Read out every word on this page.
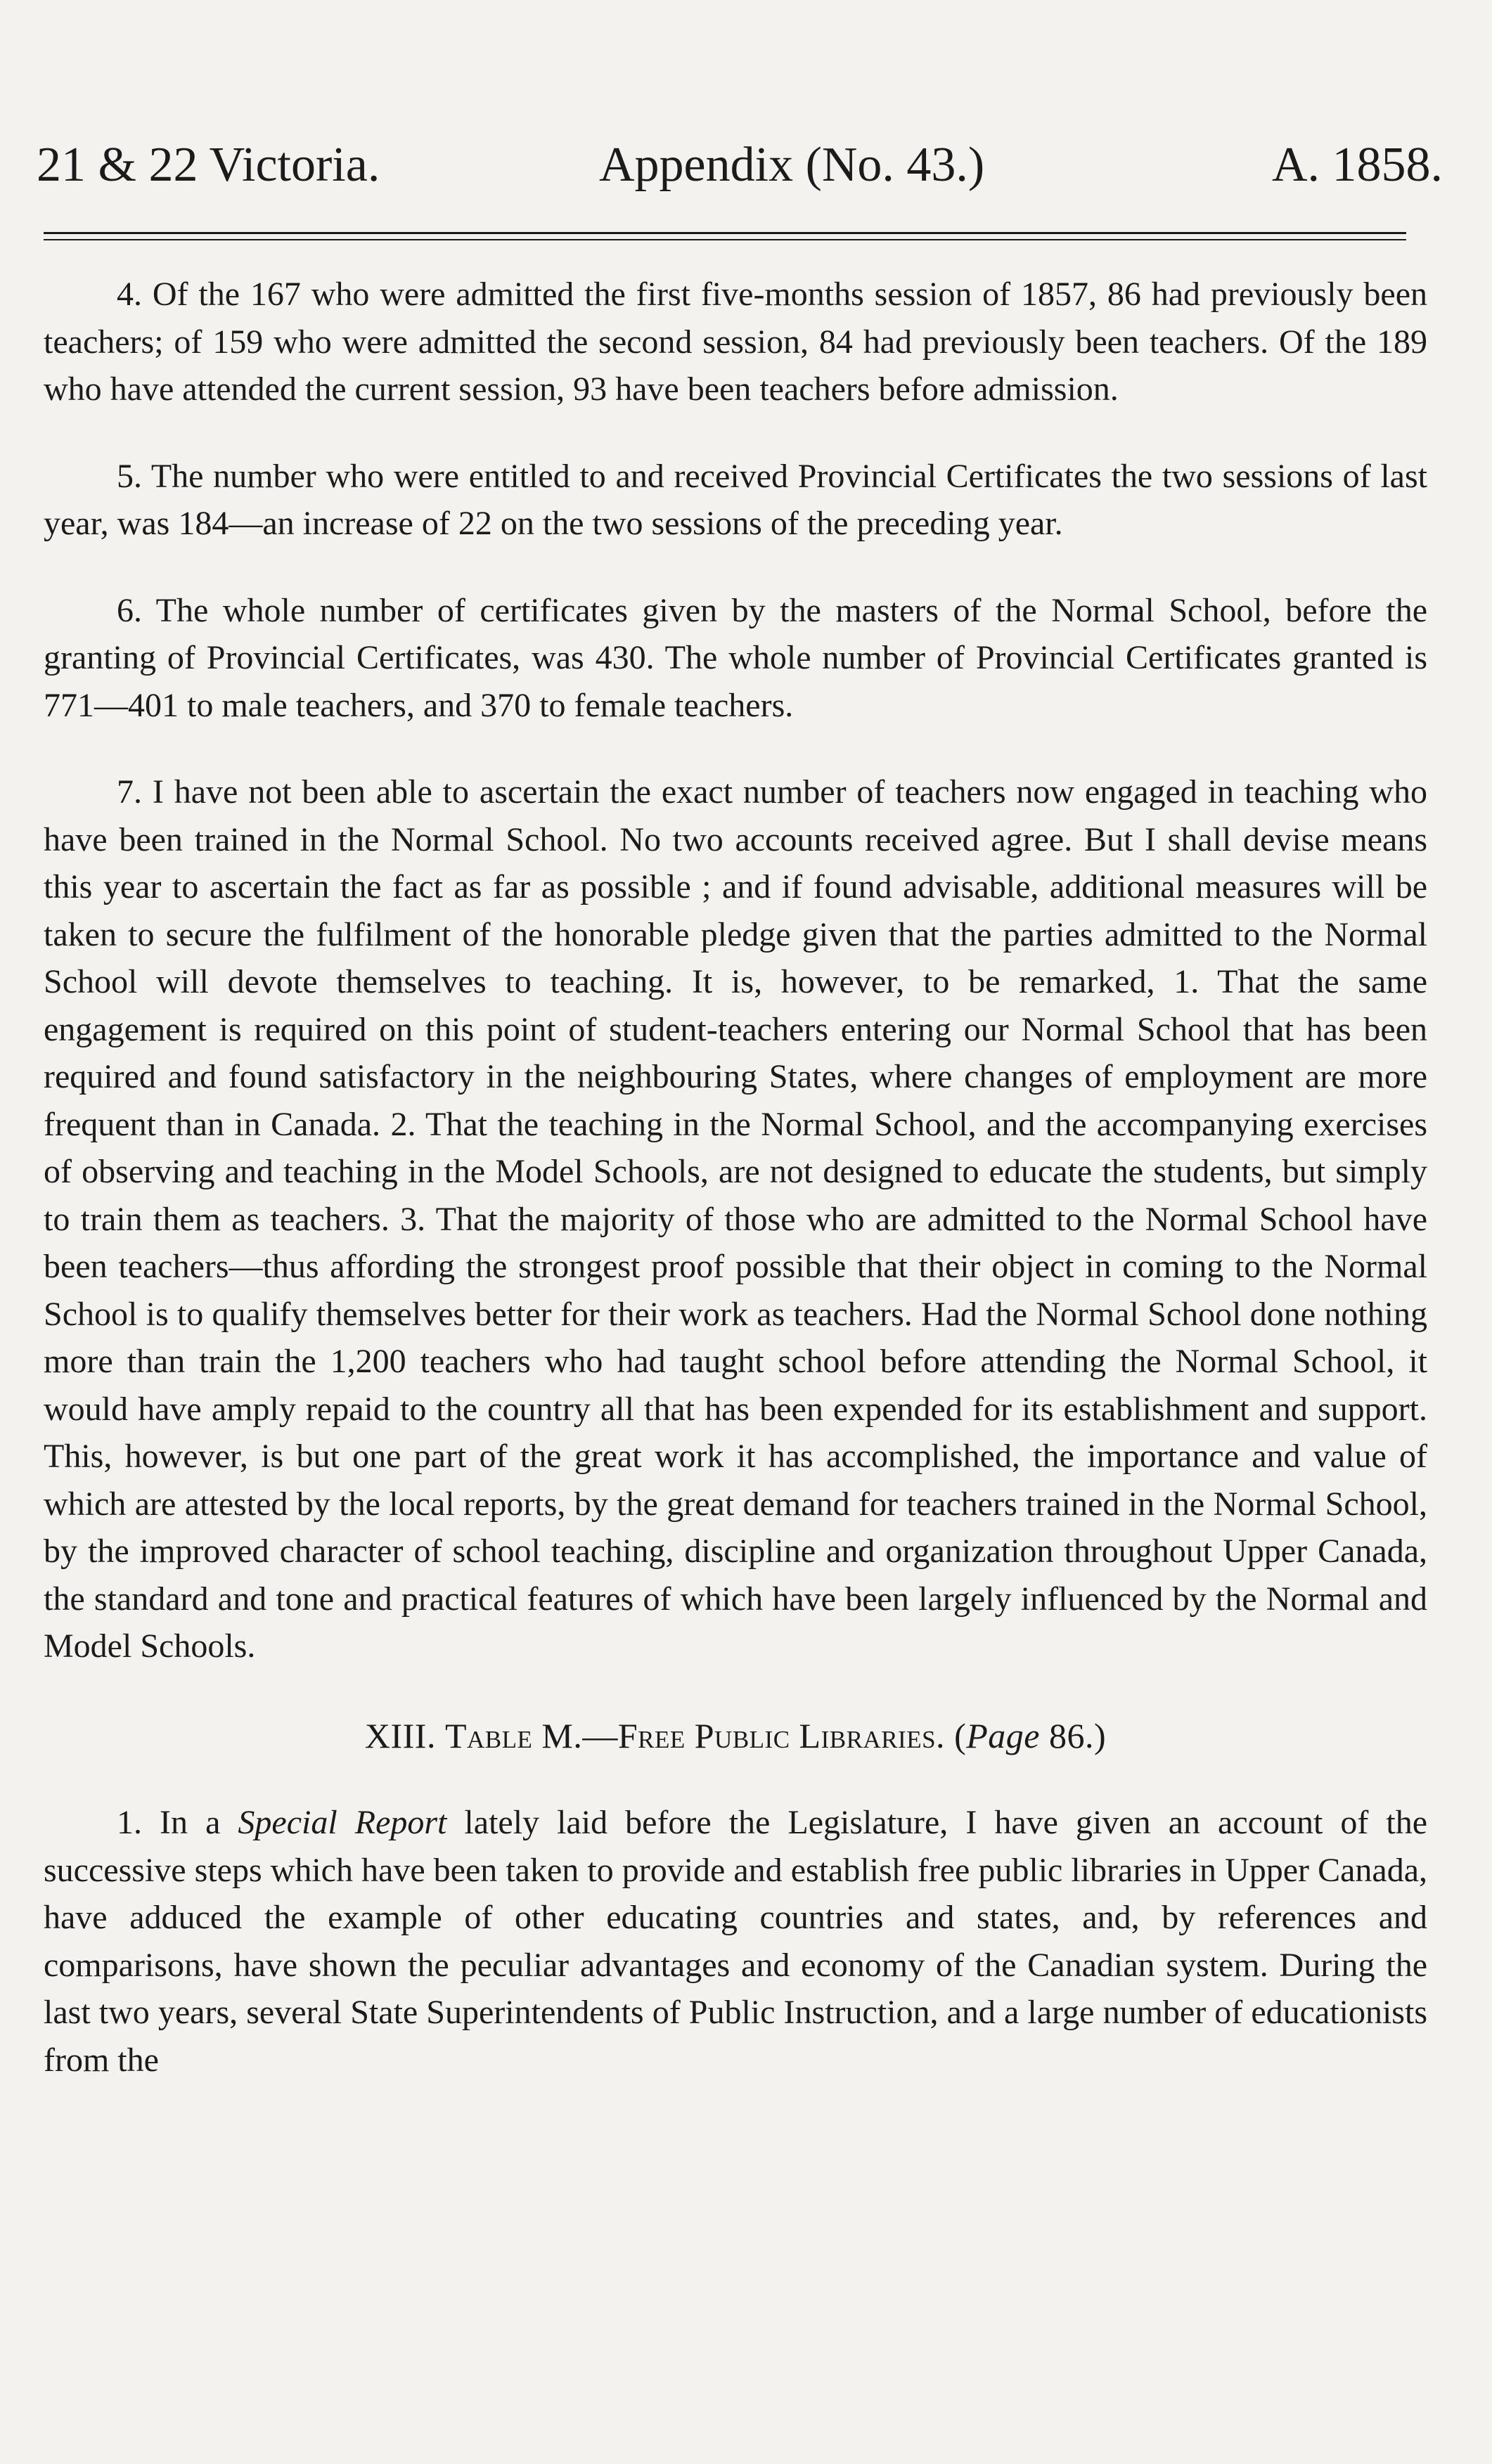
21 & 22 Victoria.	Appendix (No. 43.)	A. 1858.

4. Of the 167 who were admitted the first five-months session of 1857, 86 had previously been teachers; of 159 who were admitted the second session, 84 had previously been teachers. Of the 189 who have attended the current session, 93 have been teachers before admission.

5. The number who were entitled to and received Provincial Certificates the two sessions of last year, was 184—an increase of 22 on the two sessions of the preceding year.

6. The whole number of certificates given by the masters of the Normal School, before the granting of Provincial Certificates, was 430. The whole number of Provincial Certificates granted is 771—401 to male teachers, and 370 to female teachers.

7. I have not been able to ascertain the exact number of teachers now engaged in teaching who have been trained in the Normal School. No two accounts received agree. But I shall devise means this year to ascertain the fact as far as possible ; and if found advisable, additional measures will be taken to secure the fulfilment of the honorable pledge given that the parties admitted to the Normal School will devote themselves to teaching. It is, however, to be remarked, 1. That the same engagement is required on this point of student-teachers entering our Normal School that has been required and found satisfactory in the neighbouring States, where changes of employment are more frequent than in Canada. 2. That the teaching in the Normal School, and the accompanying exercises of observing and teaching in the Model Schools, are not designed to educate the students, but simply to train them as teachers. 3. That the majority of those who are admitted to the Normal School have been teachers—thus affording the strongest proof possible that their object in coming to the Normal School is to qualify themselves better for their work as teachers. Had the Normal School done nothing more than train the 1,200 teachers who had taught school before attending the Normal School, it would have amply repaid to the country all that has been expended for its establishment and support. This, however, is but one part of the great work it has accomplished, the importance and value of which are attested by the local reports, by the great demand for teachers trained in the Normal School, by the improved character of school teaching, discipline and organization throughout Upper Canada, the standard and tone and practical features of which have been largely influenced by the Normal and Model Schools.

XIII. Table M.—Free Public Libraries. (Page 86.)

1. In a Special Report lately laid before the Legislature, I have given an account of the successive steps which have been taken to provide and establish free public libraries in Upper Canada, have adduced the example of other educating countries and states, and, by references and comparisons, have shown the peculiar advantages and economy of the Canadian system. During the last two years, several State Superintendents of Public Instruction, and a large number of educationists from the
